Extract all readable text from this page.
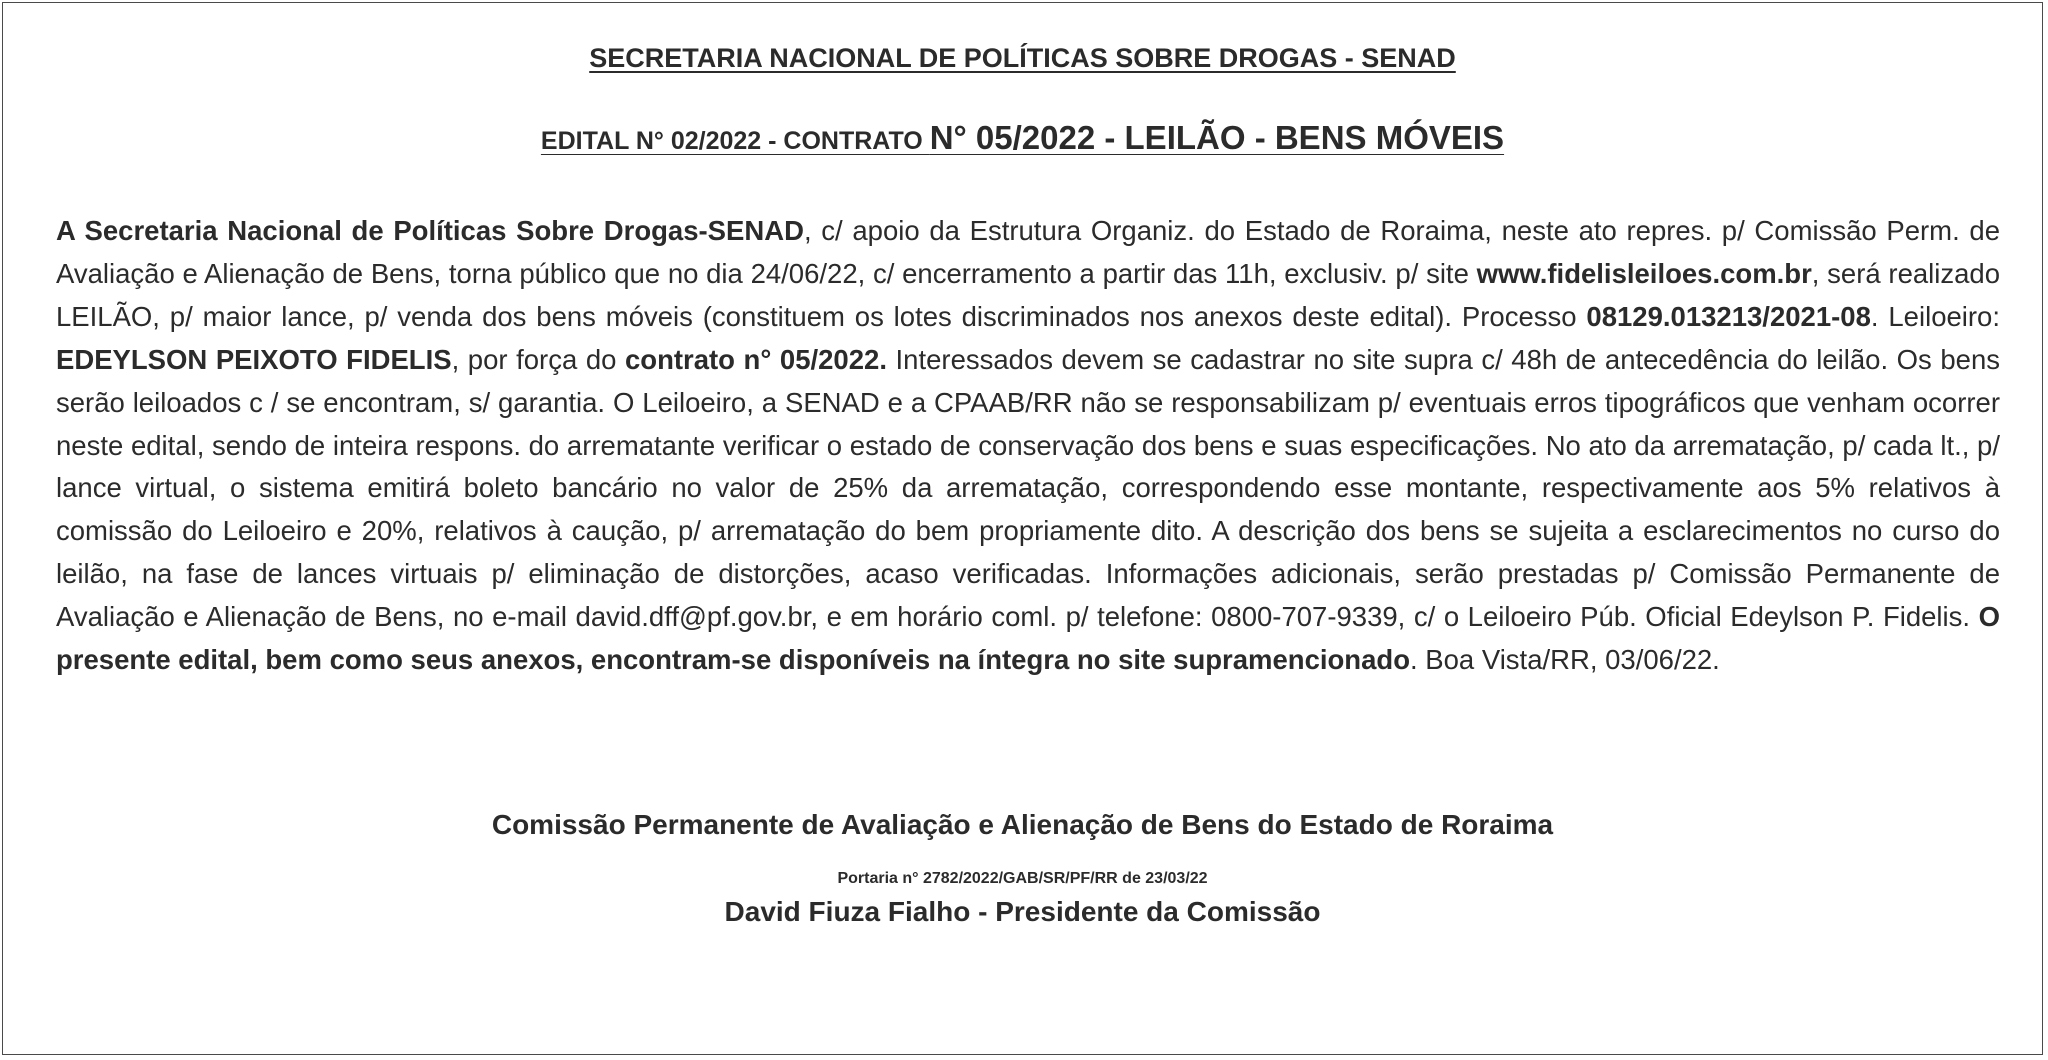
SECRETARIA NACIONAL DE POLÍTICAS SOBRE DROGAS - SENAD
EDITAL N° 02/2022 - CONTRATO N° 05/2022 - LEILÃO - BENS MÓVEIS
A Secretaria Nacional de Políticas Sobre Drogas-SENAD, c/ apoio da Estrutura Organiz. do Estado de Roraima, neste ato repres. p/ Comissão Perm. de Avaliação e Alienação de Bens, torna público que no dia 24/06/22, c/ encerramento a partir das 11h, exclusiv. p/ site www.fidelisleiloes.com.br, será realizado LEILÃO, p/ maior lance, p/ venda dos bens móveis (constituem os lotes discriminados nos anexos deste edital). Processo 08129.013213/2021-08. Leiloeiro: EDEYLSON PEIXOTO FIDELIS, por força do contrato n° 05/2022. Interessados devem se cadastrar no site supra c/ 48h de antecedência do leilão. Os bens serão leiloados c / se encontram, s/ garantia. O Leiloeiro, a SENAD e a CPAAB/RR não se responsabilizam p/ eventuais erros tipográficos que venham ocorrer neste edital, sendo de inteira respons. do arrematante verificar o estado de conservação dos bens e suas especificações. No ato da arrematação, p/ cada lt., p/ lance virtual, o sistema emitirá boleto bancário no valor de 25% da arrematação, correspondendo esse montante, respectivamente aos 5% relativos à comissão do Leiloeiro e 20%, relativos à caução, p/ arrematação do bem propriamente dito. A descrição dos bens se sujeita a esclarecimentos no curso do leilão, na fase de lances virtuais p/ eliminação de distorções, acaso verificadas. Informações adicionais, serão prestadas p/ Comissão Permanente de Avaliação e Alienação de Bens, no e-mail david.dff@pf.gov.br, e em horário coml. p/ telefone: 0800-707-9339, c/ o Leiloeiro Púb. Oficial Edeylson P. Fidelis. O presente edital, bem como seus anexos, encontram-se disponíveis na íntegra no site supramencionado. Boa Vista/RR, 03/06/22.
Comissão Permanente de Avaliação e Alienação de Bens do Estado de Roraima
Portaria n° 2782/2022/GAB/SR/PF/RR de 23/03/22
David Fiuza Fialho - Presidente da Comissão
